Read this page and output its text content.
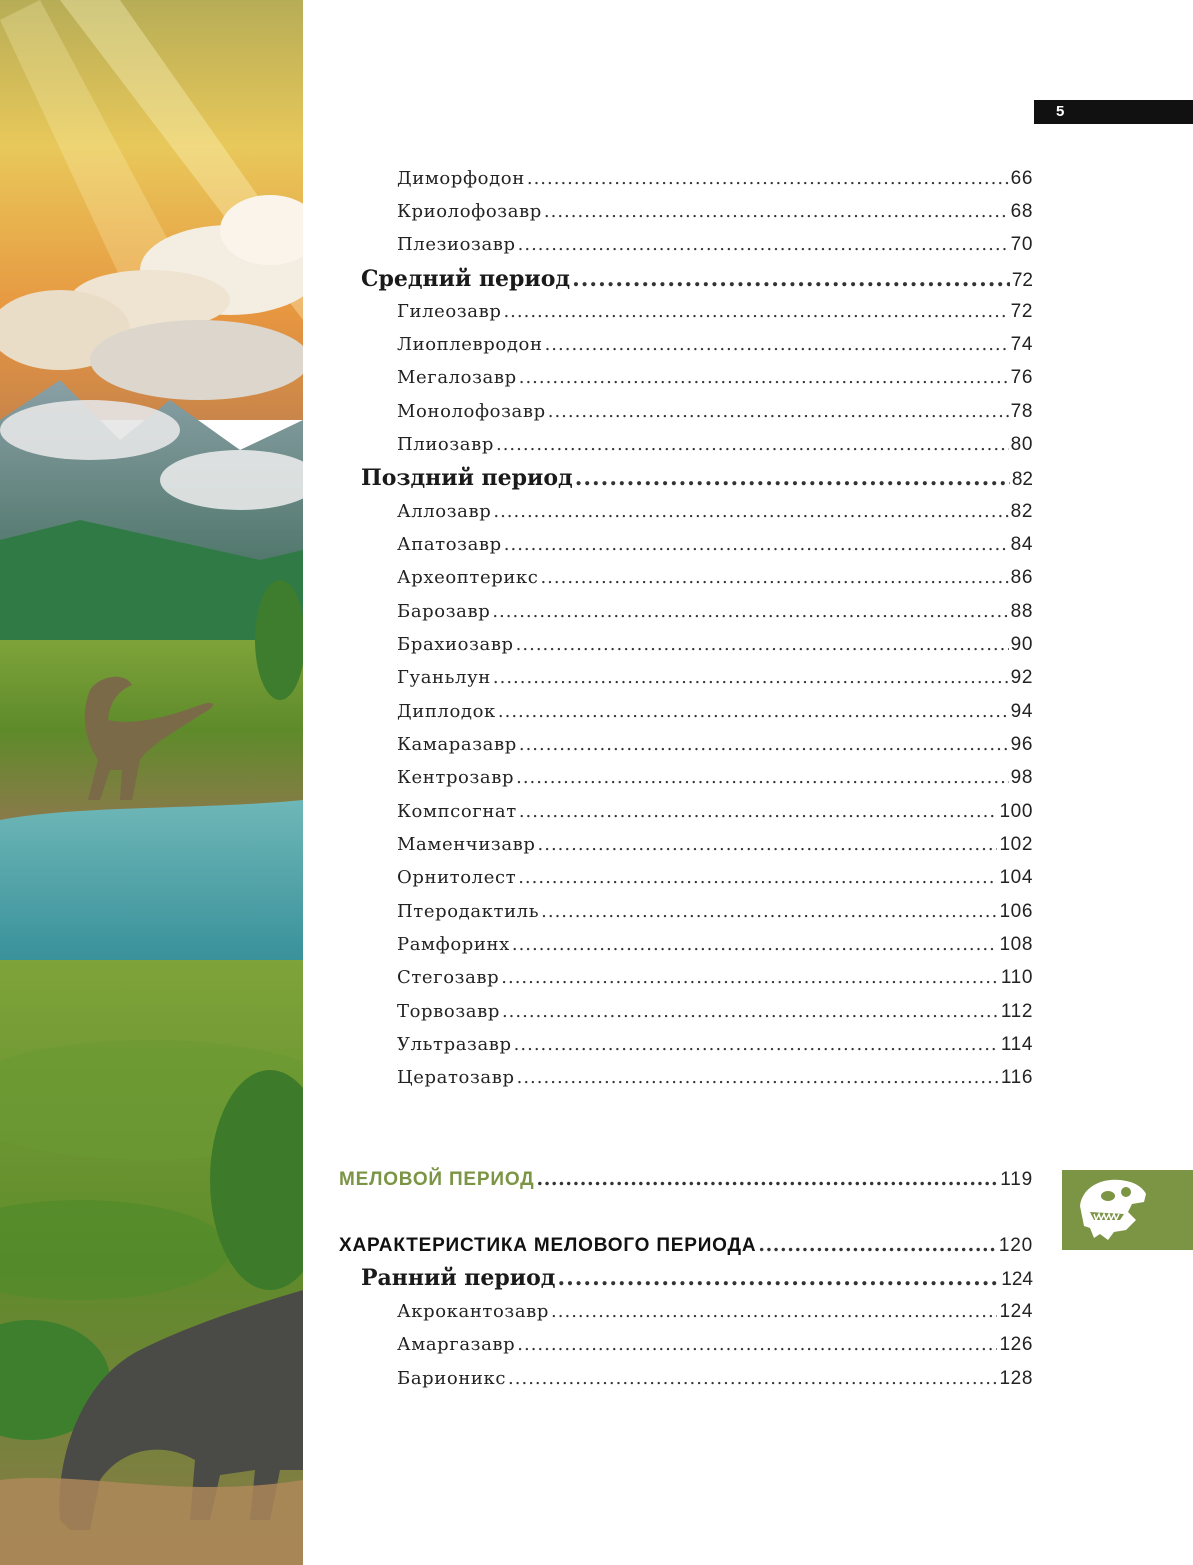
5
Диморфодон .....	66
Криолофозавр .....	68
Плезиозавр .....	70
Средний период .....	72
Гилеозавр .....	72
Лиоплевродон .....	74
Мегалозавр .....	76
Монолофозавр .....	78
Плиозавр .....	80
Поздний период .....	82
Аллозавр .....	82
Апатозавр .....	84
Археоптерикс .....	86
Барозавр .....	88
Брахиозавр .....	90
Гуаньлун .....	92
Диплодок .....	94
Камаразавр .....	96
Кентрозавр .....	98
Компсогнат .....	100
Маменчизавр .....	102
Орнитолест .....	104
Птеродактиль .....	106
Рамфоринх .....	108
Стегозавр .....	110
Торвозавр .....	112
Ультразавр .....	114
Цератозавр .....	116
МЕЛОВОЙ ПЕРИОД .....	119
ХАРАКТЕРИСТИКА МЕЛОВОГО ПЕРИОДА .....	120
Ранний период .....	124
Акрокантозавр .....	124
Амаргазавр .....	126
Барионикс .....	128
